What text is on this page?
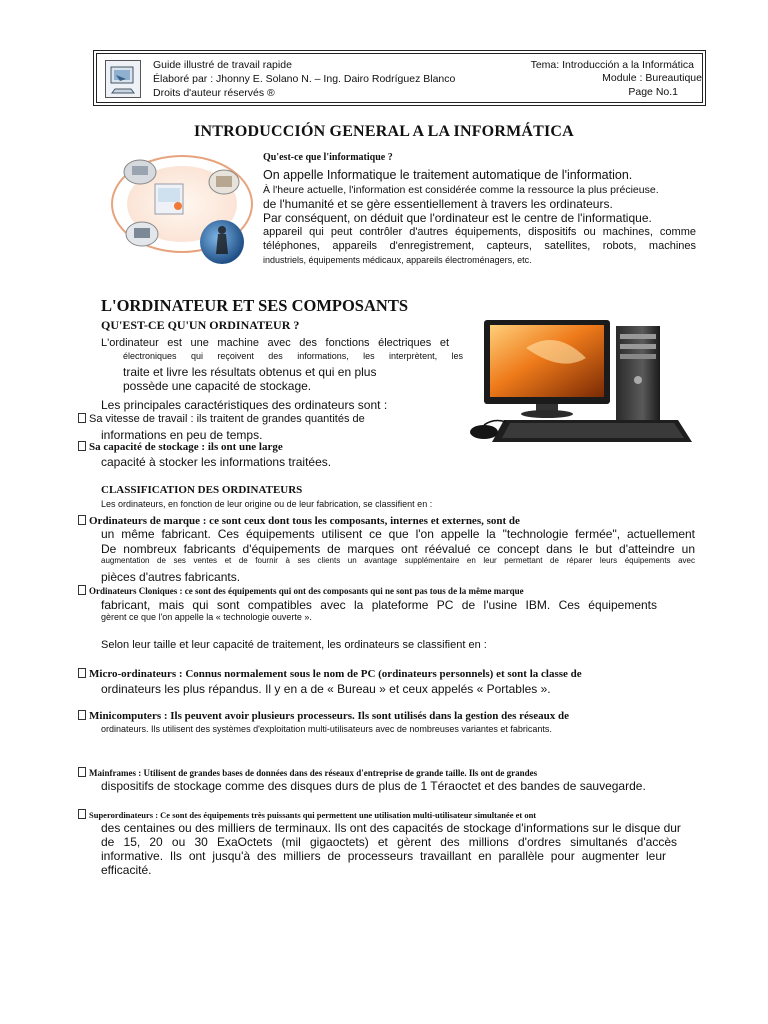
Guide illustré de travail rapide
Élaboré par : Jhonny E. Solano N. – Ing. Dairo Rodríguez Blanco
Droits d'auteur réservés ®
Tema: Introducción a la Informática
Module : Bureautique
Page No.1
INTRODUCCIÓN GENERAL A LA INFORMÁTICA
Qu'est-ce que l'informatique ?
On appelle Informatique le traitement automatique de l'information.
À l'heure actuelle, l'information est considérée comme la ressource la plus précieuse.
de l'humanité et se gère essentiellement à travers les ordinateurs.
Par conséquent, on déduit que l'ordinateur est le centre de l'informatique.
appareil qui peut contrôler d'autres équipements, dispositifs ou machines, comme
téléphones, appareils d'enregistrement, capteurs, satellites, robots, machines
industriels, équipements médicaux, appareils électroménagers, etc.
L'ORDINATEUR ET SES COMPOSANTS
QU'EST-CE QU'UN ORDINATEUR ?
L'ordinateur est une machine avec des fonctions électriques et
électroniques qui reçoivent des informations, les interprètent, les
traite et livre les résultats obtenus et qui en plus
possède une capacité de stockage.
Les principales caractéristiques des ordinateurs sont :
Sa vitesse de travail : ils traitent de grandes quantités de
informations en peu de temps.
Sa capacité de stockage : ils ont une large
capacité à stocker les informations traitées.
CLASSIFICATION DES ORDINATEURS
Les ordinateurs, en fonction de leur origine ou de leur fabrication, se classifient en :
Ordinateurs de marque : ce sont ceux dont tous les composants, internes et externes, sont de
un même fabricant. Ces équipements utilisent ce que l'on appelle la "technologie fermée", actuellement
De nombreux fabricants d'équipements de marques ont réévalué ce concept dans le but d'atteindre un
augmentation de ses ventes et de fournir à ses clients un avantage supplémentaire en leur permettant de réparer leurs équipements avec
pièces d'autres fabricants.
Ordinateurs Cloniques : ce sont des équipements qui ont des composants qui ne sont pas tous de la même marque
fabricant, mais qui sont compatibles avec la plateforme PC de l'usine IBM. Ces équipements
gèrent ce que l'on appelle la « technologie ouverte ».
Selon leur taille et leur capacité de traitement, les ordinateurs se classifient en :
Micro-ordinateurs : Connus normalement sous le nom de PC (ordinateurs personnels) et sont la classe de
ordinateurs les plus répandus. Il y en a de « Bureau » et ceux appelés « Portables ».
Minicomputers : Ils peuvent avoir plusieurs processeurs. Ils sont utilisés dans la gestion des réseaux de
ordinateurs. Ils utilisent des systèmes d'exploitation multi-utilisateurs avec de nombreuses variantes et fabricants.
Mainframes : Utilisent de grandes bases de données dans des réseaux d'entreprise de grande taille. Ils ont de grandes
dispositifs de stockage comme des disques durs de plus de 1 Téraoctet et des bandes de sauvegarde.
Superordinateurs : Ce sont des équipements très puissants qui permettent une utilisation multi-utilisateur simultanée et ont
des centaines ou des milliers de terminaux. Ils ont des capacités de stockage d'informations sur le disque dur
de 15, 20 ou 30 ExaOctets (mil gigaoctets) et gèrent des millions d'ordres simultanés d'accès
informative. Ils ont jusqu'à des milliers de processeurs travaillant en parallèle pour augmenter leur
efficacité.
